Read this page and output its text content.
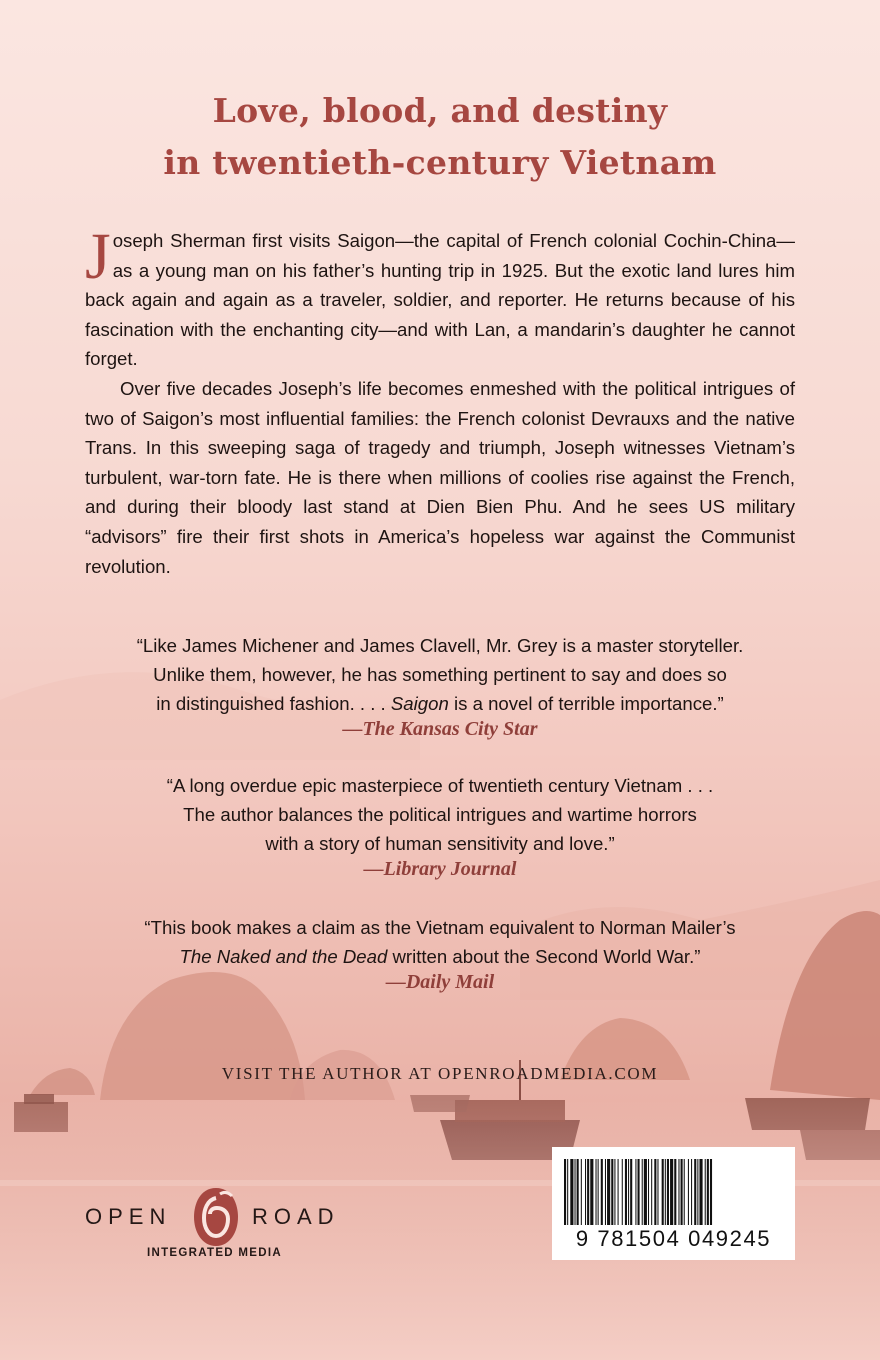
Love, blood, and destiny
in twentieth-century Vietnam

Joseph Sherman first visits Saigon—the capital of French colonial Cochin-China—as a young man on his father’s hunting trip in 1925. But the exotic land lures him back again and again as a traveler, soldier, and reporter. He returns because of his fascination with the enchanting city—and with Lan, a mandarin’s daughter he cannot forget.

Over five decades Joseph’s life becomes enmeshed with the political intrigues of two of Saigon’s most influential families: the French colonist Devrauxs and the native Trans. In this sweeping saga of tragedy and triumph, Joseph witnesses Vietnam’s turbulent, war-torn fate. He is there when millions of coolies rise against the French, and during their bloody last stand at Dien Bien Phu. And he sees US military “advisors” fire their first shots in America’s hopeless war against the Communist revolution.

“Like James Michener and James Clavell, Mr. Grey is a master storyteller.
Unlike them, however, he has something pertinent to say and does so
in distinguished fashion. . . . Saigon is a novel of terrible importance.”
—The Kansas City Star
“A long overdue epic masterpiece of twentieth century Vietnam . . .
The author balances the political intrigues and wartime horrors
with a story of human sensitivity and love.”
—Library Journal
“This book makes a claim as the Vietnam equivalent to Norman Mailer’s
The Naked and the Dead written about the Second World War.”
—Daily Mail
VISIT THE AUTHOR AT OPENROADMEDIA.COM
OPEN	ROAD
INTEGRATED MEDIA
9 781504 049245
